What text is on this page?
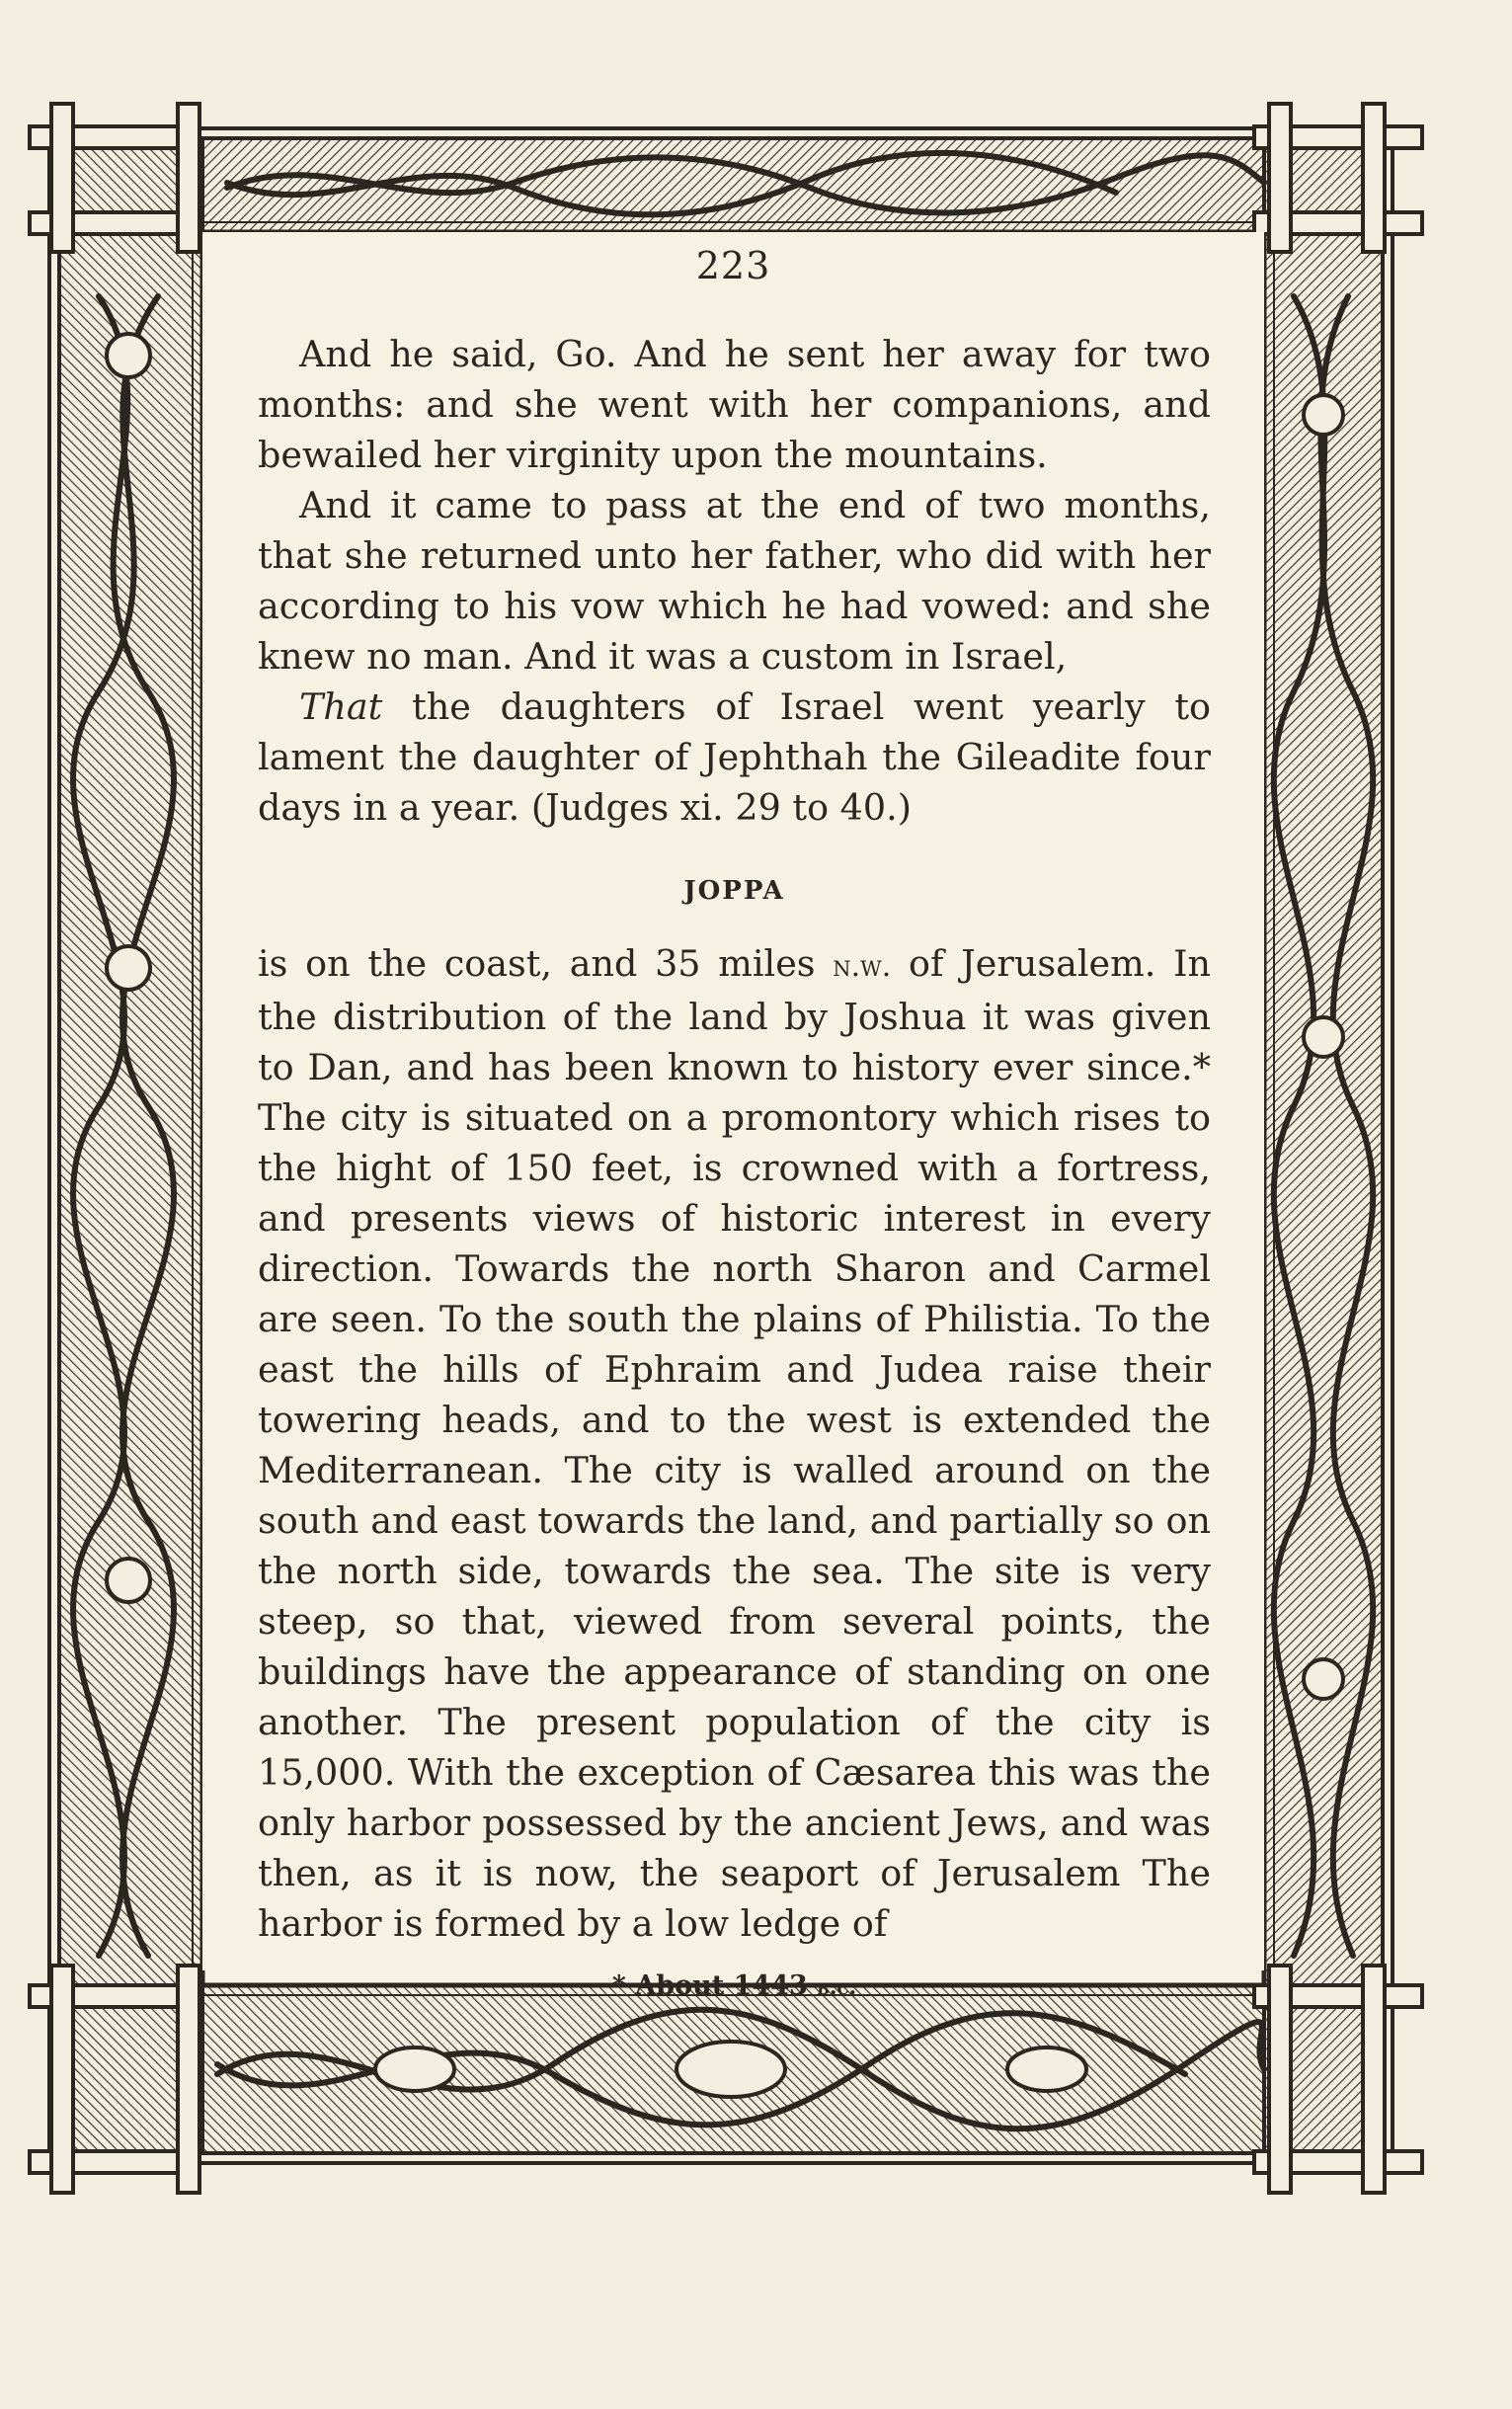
223

And he said, Go. And he sent her away for two months: and she went with her companions, and bewailed her virginity upon the mountains.

And it came to pass at the end of two months, that she returned unto her father, who did with her according to his vow which he had vowed: and she knew no man. And it was a custom in Israel,

That the daughters of Israel went yearly to lament the daughter of Jephthah the Gileadite four days in a year. (Judges xi. 29 to 40.)

JOPPA

is on the coast, and 35 miles n.w. of Jerusalem. In the distribution of the land by Joshua it was given to Dan, and has been known to history ever since.* The city is situated on a promontory which rises to the hight of 150 feet, is crowned with a fortress, and presents views of historic interest in every direction. Towards the north Sharon and Carmel are seen. To the south the plains of Philistia. To the east the hills of Ephraim and Judea raise their towering heads, and to the west is extended the Mediterranean. The city is walled around on the south and east towards the land, and partially so on the north side, towards the sea. The site is very steep, so that, viewed from several points, the buildings have the appearance of standing on one another. The present population of the city is 15,000. With the exception of Cæsarea this was the only harbor possessed by the ancient Jews, and was then, as it is now, the seaport of Jerusalem The harbor is formed by a low ledge of

* About 1443 b.c.
